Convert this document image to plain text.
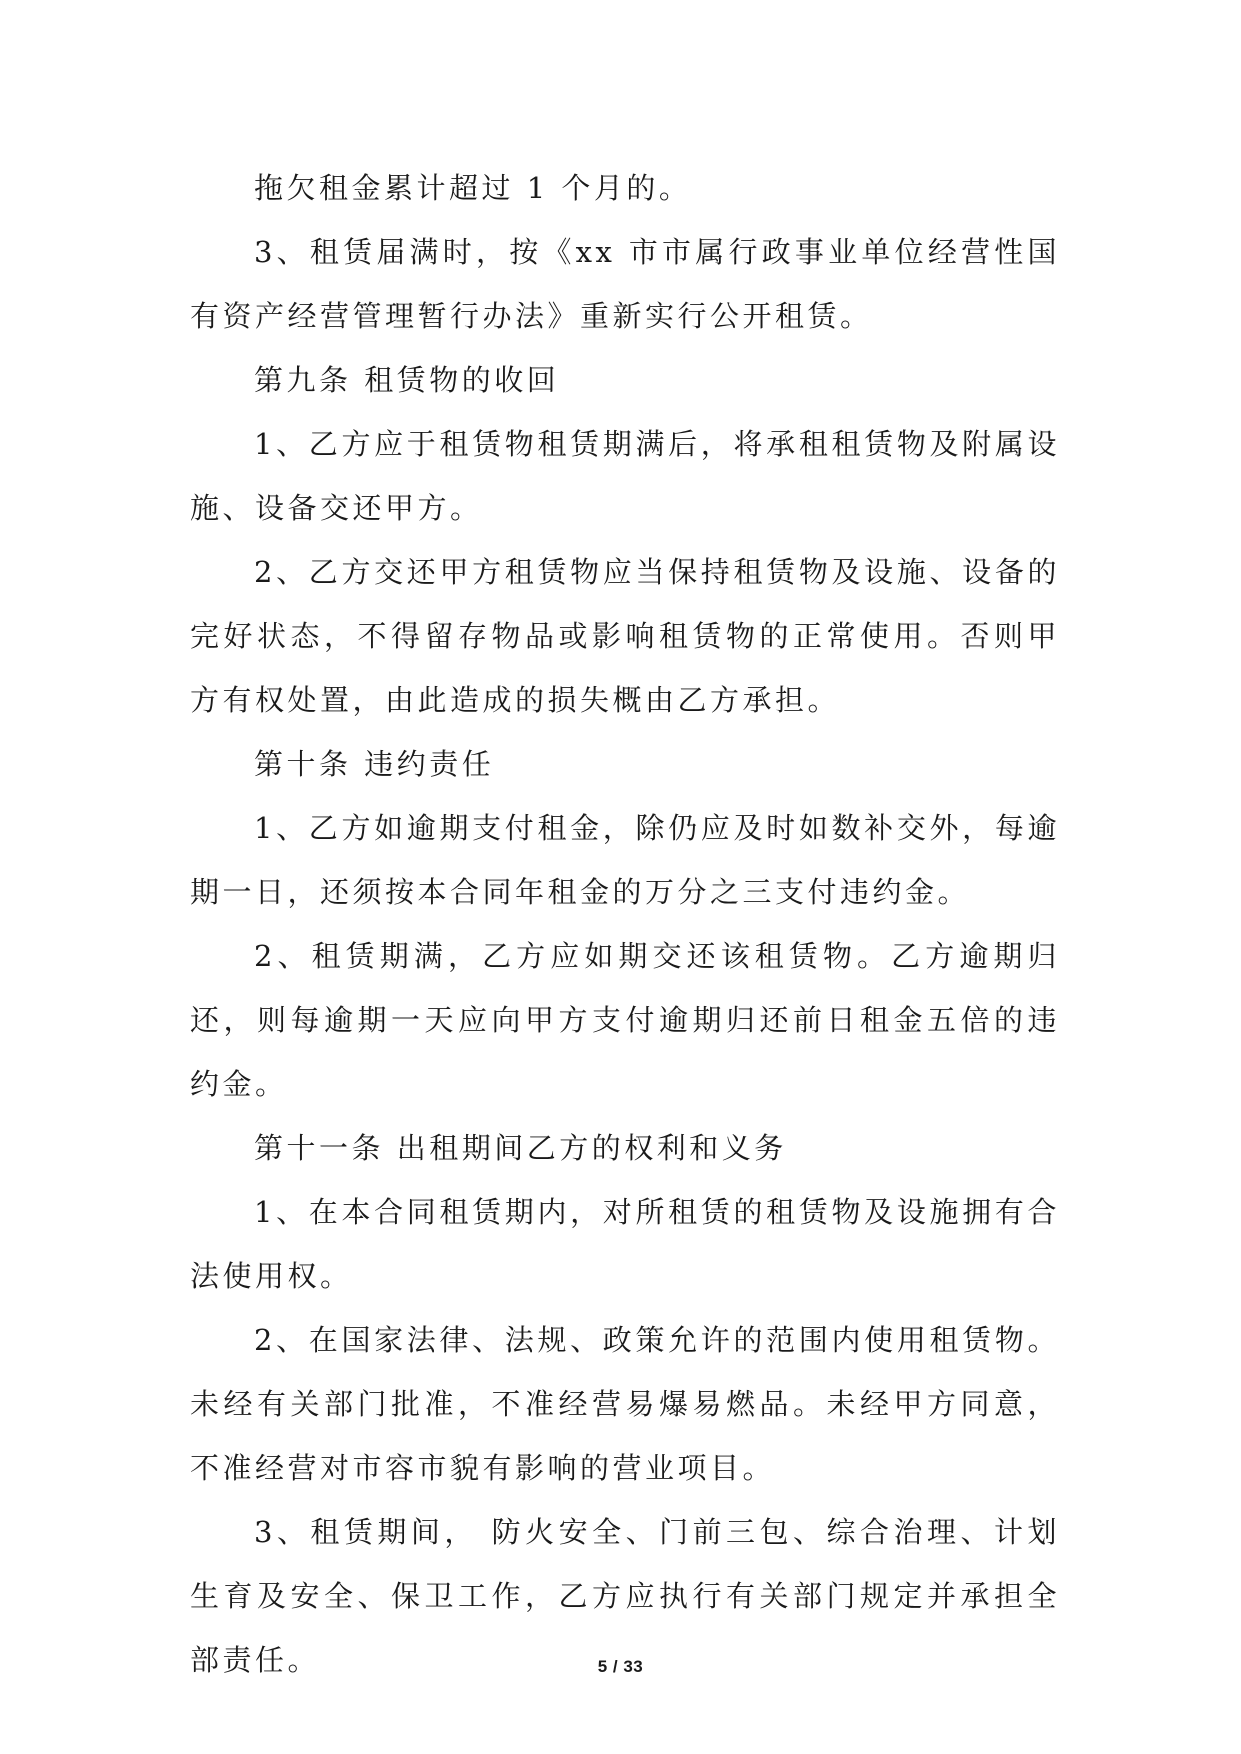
拖欠租金累计超过 1 个月的。

3、租赁届满时，按《xx 市市属行政事业单位经营性国有资产经营管理暂行办法》重新实行公开租赁。

第九条 租赁物的收回

1、乙方应于租赁物租赁期满后，将承租租赁物及附属设施、设备交还甲方。

2、乙方交还甲方租赁物应当保持租赁物及设施、设备的完好状态，不得留存物品或影响租赁物的正常使用。否则甲方有权处置，由此造成的损失概由乙方承担。

第十条 违约责任

1、乙方如逾期支付租金，除仍应及时如数补交外，每逾期一日，还须按本合同年租金的万分之三支付违约金。

2、租赁期满，乙方应如期交还该租赁物。乙方逾期归还，则每逾期一天应向甲方支付逾期归还前日租金五倍的违约金。

第十一条 出租期间乙方的权利和义务

1、在本合同租赁期内，对所租赁的租赁物及设施拥有合法使用权。

2、在国家法律、法规、政策允许的范围内使用租赁物。未经有关部门批准，不准经营易爆易燃品。未经甲方同意，不准经营对市容市貌有影响的营业项目。

3、租赁期间， 防火安全、门前三包、综合治理、计划生育及安全、保卫工作，乙方应执行有关部门规定并承担全部责任。	5 / 33
